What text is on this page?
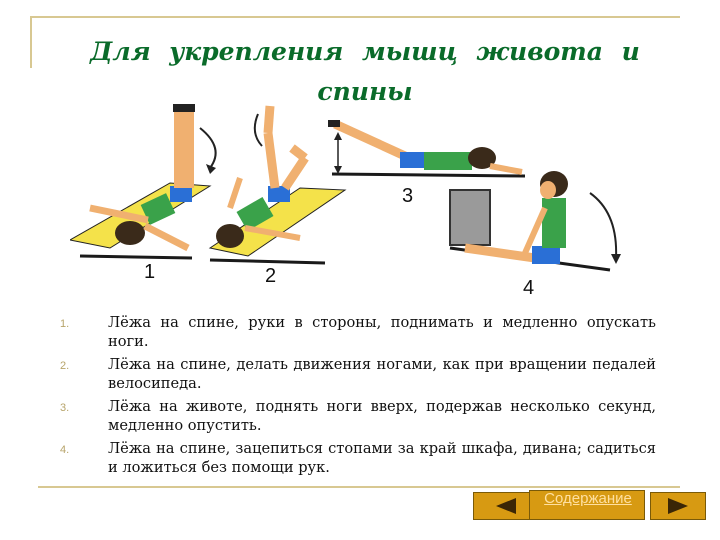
Для укрепления мышц живота и спины
1	2
3
4
1.	Лёжа на спине, руки в стороны, поднимать и медленно опускать ноги.
2.	Лёжа на спине, делать движения ногами, как при вращении педалей велосипеда.
3.	Лёжа на животе, поднять ноги вверх, подержав несколько секунд, медленно опустить.
4.	Лёжа на спине, зацепиться стопами за край шкафа, дивана; садиться и ложиться без помощи рук.
Содержание
